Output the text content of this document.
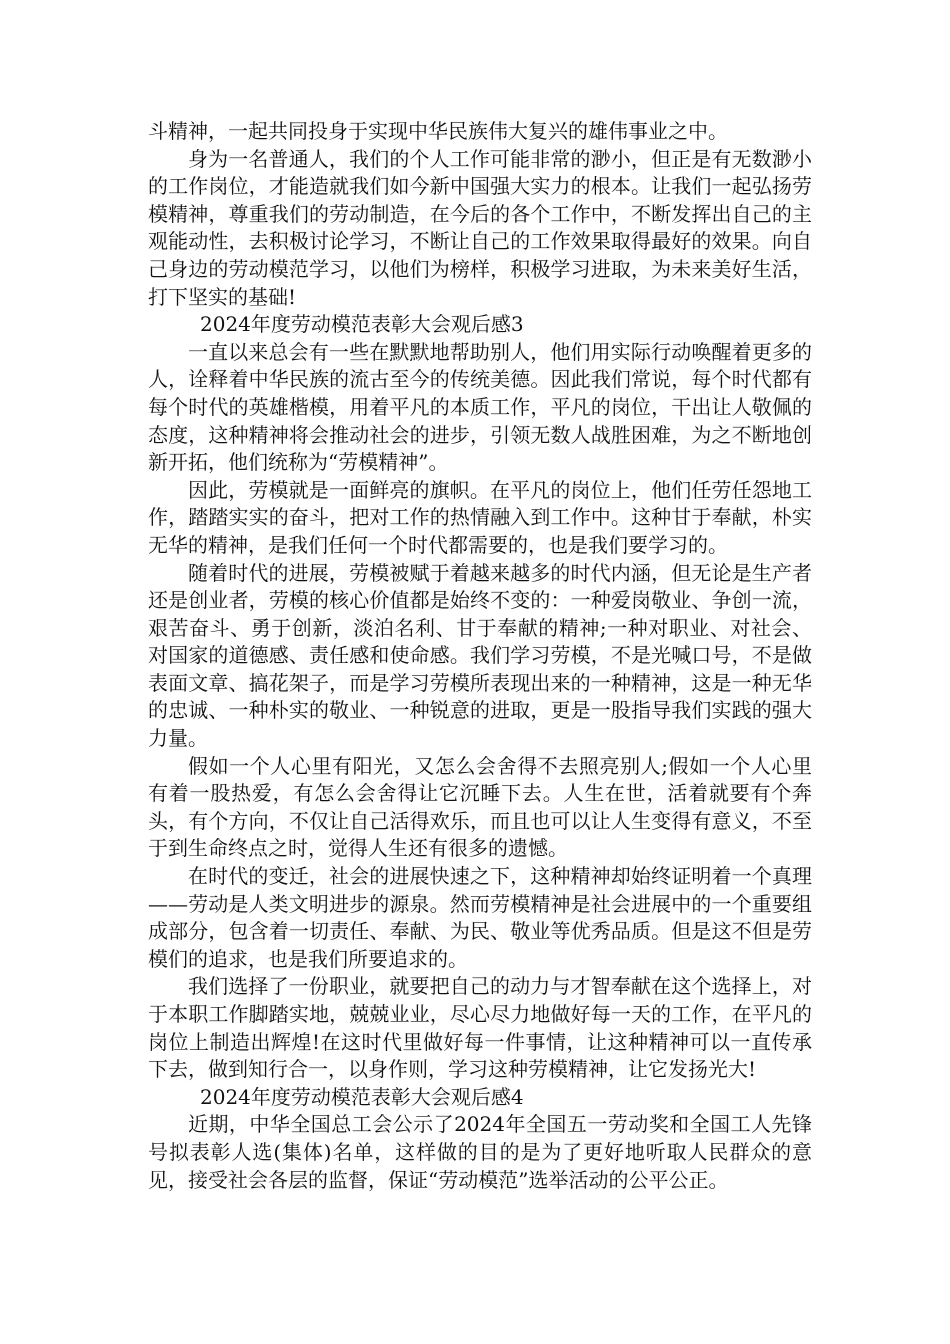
斗精神，一起共同投身于实现中华民族伟大复兴的雄伟事业之中。

身为一名普通人，我们的个人工作可能非常的渺小，但正是有无数渺小的工作岗位，才能造就我们如今新中国强大实力的根本。让我们一起弘扬劳模精神，尊重我们的劳动制造，在今后的各个工作中，不断发挥出自己的主观能动性，去积极讨论学习，不断让自己的工作效果取得最好的效果。向自己身边的劳动模范学习，以他们为榜样，积极学习进取，为未来美好生活，打下坚实的基础!

2024年度劳动模范表彰大会观后感3

一直以来总会有一些在默默地帮助别人，他们用实际行动唤醒着更多的人，诠释着中华民族的流古至今的传统美德。因此我们常说，每个时代都有每个时代的英雄楷模，用着平凡的本质工作，平凡的岗位，干出让人敬佩的态度，这种精神将会推动社会的进步，引领无数人战胜困难，为之不断地创新开拓，他们统称为“劳模精神”。

因此，劳模就是一面鲜亮的旗帜。在平凡的岗位上，他们任劳任怨地工作，踏踏实实的奋斗，把对工作的热情融入到工作中。这种甘于奉献，朴实无华的精神，是我们任何一个时代都需要的，也是我们要学习的。

随着时代的进展，劳模被赋于着越来越多的时代内涵，但无论是生产者还是创业者，劳模的核心价值都是始终不变的：一种爱岗敬业、争创一流，艰苦奋斗、勇于创新，淡泊名利、甘于奉献的精神;一种对职业、对社会、对国家的道德感、责任感和使命感。我们学习劳模，不是光喊口号，不是做表面文章、搞花架子，而是学习劳模所表现出来的一种精神，这是一种无华的忠诚、一种朴实的敬业、一种锐意的进取，更是一股指导我们实践的强大力量。

假如一个人心里有阳光，又怎么会舍得不去照亮别人;假如一个人心里有着一股热爱，有怎么会舍得让它沉睡下去。人生在世，活着就要有个奔头，有个方向，不仅让自己活得欢乐，而且也可以让人生变得有意义，不至于到生命终点之时，觉得人生还有很多的遗憾。

在时代的变迁，社会的进展快速之下，这种精神却始终证明着一个真理——劳动是人类文明进步的源泉。然而劳模精神是社会进展中的一个重要组成部分，包含着一切责任、奉献、为民、敬业等优秀品质。但是这不但是劳模们的追求，也是我们所要追求的。

我们选择了一份职业，就要把自己的动力与才智奉献在这个选择上，对于本职工作脚踏实地，兢兢业业，尽心尽力地做好每一天的工作，在平凡的岗位上制造出辉煌!在这时代里做好每一件事情，让这种精神可以一直传承下去，做到知行合一，以身作则，学习这种劳模精神，让它发扬光大!

2024年度劳动模范表彰大会观后感4

近期，中华全国总工会公示了2024年全国五一劳动奖和全国工人先锋号拟表彰人选(集体)名单，这样做的目的是为了更好地听取人民群众的意见，接受社会各层的监督，保证“劳动模范”选举活动的公平公正。
